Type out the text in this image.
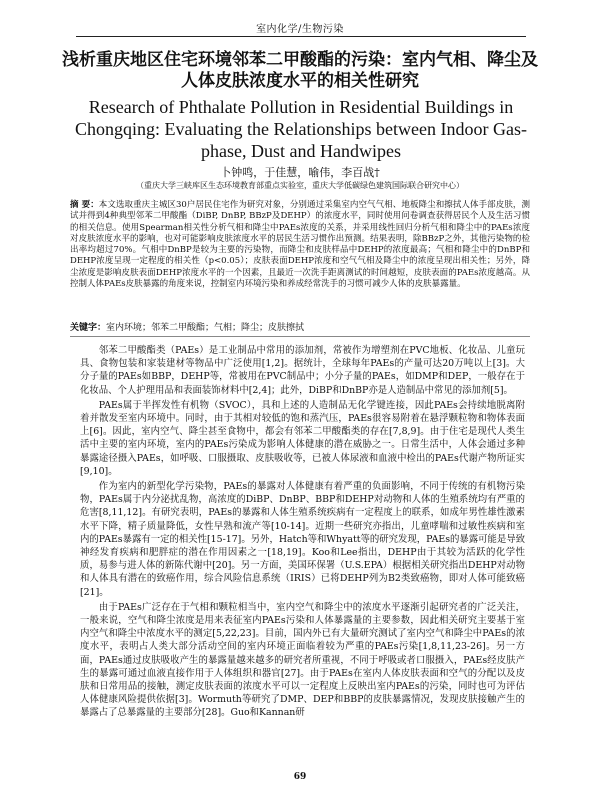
室内化学/生物污染
浅析重庆地区住宅环境邻苯二甲酸酯的污染：室内气相、降尘及人体皮肤浓度水平的相关性研究
Research of Phthalate Pollution in Residential Buildings in Chongqing: Evaluating the Relationships between Indoor Gas-phase, Dust and Handwipes
卜钟鸣，于佳慧，喻伟，李百战†
（重庆大学三峡库区生态环境教育部重点实验室，重庆大学低碳绿色建筑国际联合研究中心）
摘 要：本文选取重庆主城区30户居民住宅作为研究对象，分别通过采集室内空气气相、地板降尘和擦拭人体手部皮肤，测试并得到4种典型邻苯二甲酸酯（DiBP, DnBP, BBzP及DEHP）的浓度水平，同时使用问卷调查获得居民个人及生活习惯的相关信息。使用Spearman相关性分析气相和降尘中PAEs浓度的关系，并采用线性回归分析气相和降尘中的PAEs浓度对皮肤浓度水平的影响，也对可能影响皮肤浓度水平的居民生活习惯作出预测。结果表明，除BBzP之外，其他污染物的检出率均超过70%。气相中DnBP是较为主要的污染物，而降尘和皮肤样品中DEHP的浓度最高；气相和降尘中的DnBP和DEHP浓度呈现一定程度的相关性（p<0.05）；皮肤表面DEHP浓度和空气气相及降尘中的浓度呈现出相关性；另外，降尘浓度是影响皮肤表面DEHP浓度水平的一个因素，且最近一次洗手距离测试的时间越短，皮肤表面的PAEs浓度越高。从控制人体PAEs皮肤暴露的角度来说，控制室内环境污染和养成经常洗手的习惯可减少人体的皮肤暴露量。
关键字：室内环境；邻苯二甲酸酯；气相；降尘；皮肤擦拭

邻苯二甲酸酯类（PAEs）是工业制品中常用的添加剂，常被作为增塑剂在PVC地板、化妆品、儿童玩具、食物包装和家装建材等物品中广泛使用[1,2]。据统计，全球每年PAEs的产量可达20万吨以上[3]。大分子量的PAEs如BBP，DEHP等，常被用在PVC制品中；小分子量的PAEs，如DMP和DEP，一般存在于化妆品、个人护理用品和表面装饰材料中[2,4]；此外，DiBP和DnBP亦是人造制品中常见的添加剂[5]。

PAEs属于半挥发性有机物（SVOC），具和上述的人造制品无化学键连接，因此PAEs会持续地脱离附着并散发至室内环境中。同时，由于其相对较低的饱和蒸汽压，PAEs很容易附着在悬浮颗粒物和物体表面上[6]。因此，室内空气、降尘甚至食物中，都会有邻苯二甲酸酯类的存在[7,8,9]。由于住宅是现代人类生活中主要的室内环境，室内的PAEs污染成为影响人体健康的潜在威胁之一。日常生活中，人体会通过多种暴露途径摄入PAEs，如呼吸、口服摄取、皮肤吸收等，已被人体尿液和血液中检出的PAEs代谢产物所证实[9,10]。

作为室内的新型化学污染物，PAEs的暴露对人体健康有着严重的负面影响，不同于传统的有机物污染物，PAEs属于内分泌扰乱物，高浓度的DiBP、DnBP、BBP和DEHP对动物和人体的生殖系统均有严重的危害[8,11,12]。有研究表明，PAEs的暴露和人体生殖系统疾病有一定程度上的联系，如成年男性雄性激素水平下降，精子质量降低，女性早熟和流产等[10-14]。近期一些研究亦指出，儿童哮喘和过敏性疾病和室内的PAEs暴露有一定的相关性[15-17]。另外，Hatch等和Whyatt等的研究发现，PAEs的暴露可能是导致神经发育疾病和肥胖症的潜在作用因素之一[18,19]。Koo和Lee指出，DEHP由于其较为活跃的化学性质，易参与进人体的新陈代谢中[20]。另一方面，美国环保署（U.S.EPA）根据相关研究指出DEHP对动物和人体具有潜在的致癌作用，综合风险信息系统（IRIS）已将DEHP列为B2类致癌物，即对人体可能致癌[21]。

由于PAEs广泛存在于气相和颗粒相当中，室内空气和降尘中的浓度水平逐渐引起研究者的广泛关注，一般来说，空气和降尘浓度是用来表征室内PAEs污染和人体暴露量的主要参数，因此相关研究主要基于室内空气和降尘中浓度水平的测定[5,22,23]。目前，国内外已有大量研究测试了室内空气和降尘中PAEs的浓度水平，表明占人类大部分活动空间的室内环境正面临着较为严重的PAEs污染[1,8,11,23-26]。另一方面，PAEs通过皮肤吸收产生的暴露量越来越多的研究者所重视，不同于呼吸或者口服摄入，PAEs经皮肤产生的暴露可通过血液直接作用于人体组织和器官[27]。由于PAEs在室内人体皮肤表面和空气的分配以及皮肤和日常用品的接触，测定皮肤表面的浓度水平可以一定程度上反映出室内PAEs的污染，同时也可为评估人体健康风险提供依据[3]。Wormuth等研究了DMP、DEP和BBP的皮肤暴露情况，发现皮肤接触产生的暴露占了总暴露量的主要部分[28]。Guo和Kannan研

69
